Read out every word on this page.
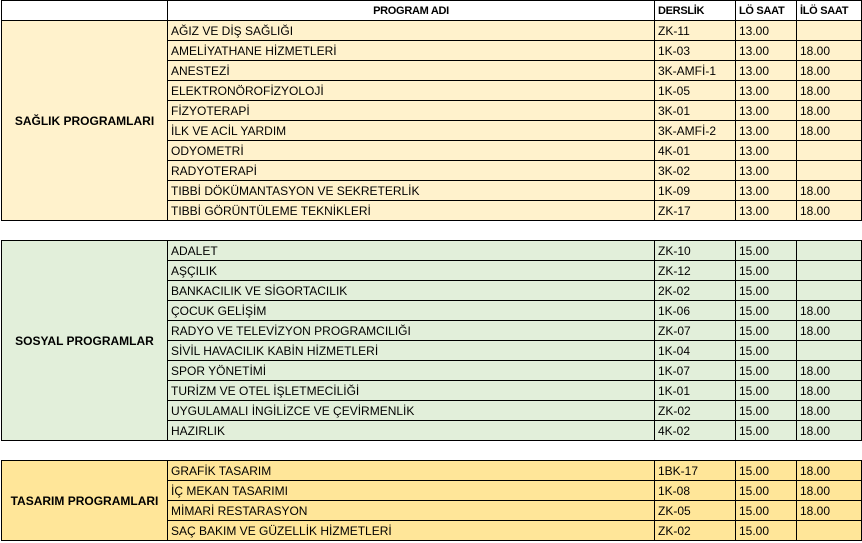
	PROGRAM ADI	DERSLİK	LÖ SAAT	İLÖ SAAT
SAĞLIK PROGRAMLARI	AĞIZ VE DİŞ SAĞLIĞI	ZK-11	13.00	
	AMELİYATHANE HİZMETLERİ	1K-03	13.00	18.00
	ANESTEZİ	3K-AMFİ-1	13.00	18.00
	ELEKTRONÖROFİZYOLOJİ	1K-05	13.00	18.00
	FİZYOTERAPİ	3K-01	13.00	18.00
	İLK VE ACİL YARDIM	3K-AMFİ-2	13.00	18.00
	ODYOMETRİ	4K-01	13.00	
	RADYOTERAPİ	3K-02	13.00	
	TIBBİ DÖKÜMANTASYON VE SEKRETERLİK	1K-09	13.00	18.00
	TIBBİ GÖRÜNTÜLEME TEKNİKLERİ	ZK-17	13.00	18.00

SOSYAL PROGRAMLAR	ADALET	ZK-10	15.00	
	AŞÇILIK	ZK-12	15.00	
	BANKACILIK VE SİGORTACILIK	2K-02	15.00	
	ÇOCUK GELİŞİM	1K-06	15.00	18.00
	RADYO VE TELEVİZYON PROGRAMCILIĞI	ZK-07	15.00	18.00
	SİVİL HAVACILIK KABİN HİZMETLERİ	1K-04	15.00	
	SPOR YÖNETİMİ	1K-07	15.00	18.00
	TURİZM VE OTEL İŞLETMECİLİĞİ	1K-01	15.00	18.00
	UYGULAMALI İNGİLİZCE VE ÇEVİRMENLİK	ZK-02	15.00	18.00
	HAZIRLIK	4K-02	15.00	18.00

TASARIM PROGRAMLARI	GRAFİK TASARIM	1BK-17	15.00	18.00
	İÇ MEKAN TASARIMI	1K-08	15.00	18.00
	MİMARİ RESTARASYON	ZK-05	15.00	18.00
	SAÇ BAKIM VE GÜZELLİK HİZMETLERİ	ZK-02	15.00	
